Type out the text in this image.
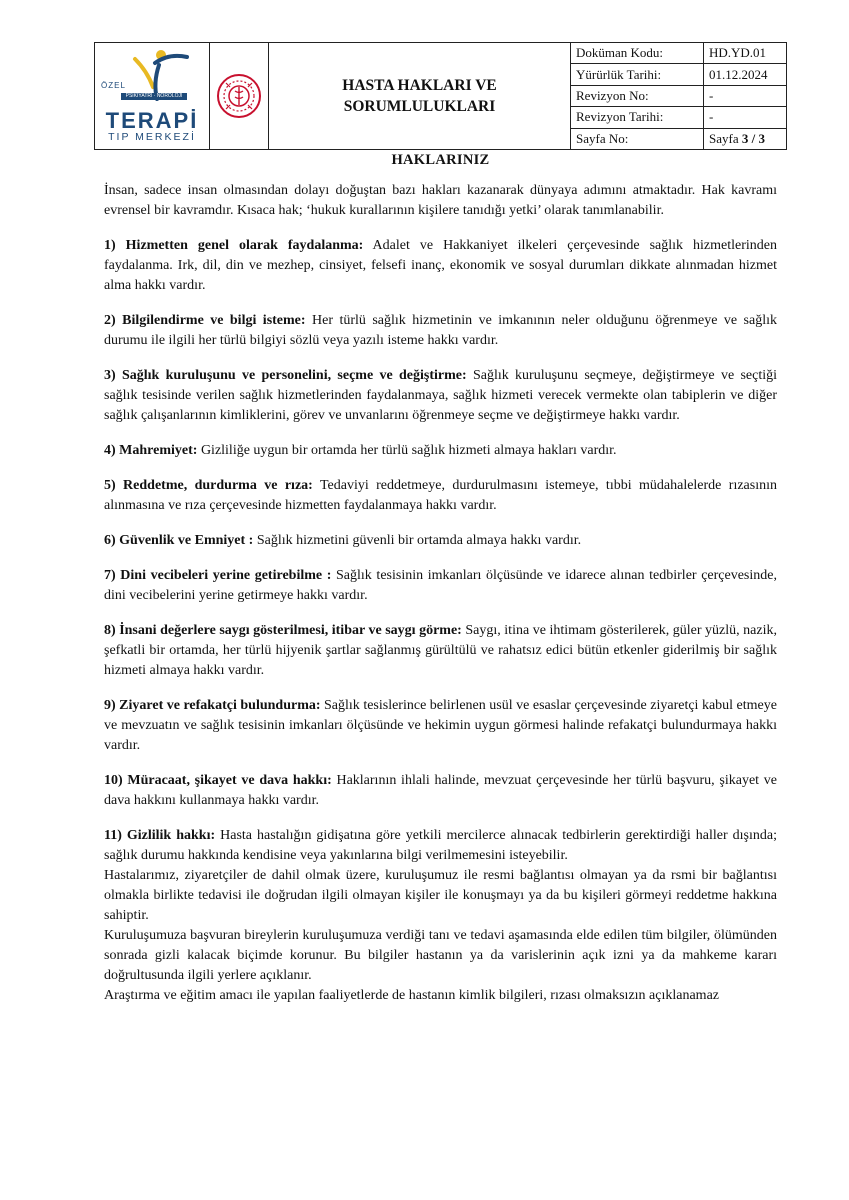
ÖZEL
PSİKİYATRİ · NÖROLOJİ
TERAPİ
TIP MERKEZİ
HASTA HAKLARI VE
SORUMLULUKLARI
Doküman Kodu:	HD.YD.01
Yürürlük Tarihi:	01.12.2024
Revizyon No:	-
Revizyon Tarihi:	-
Sayfa No:	Sayfa 3 / 3
HAKLARINIZ

İnsan, sadece insan olmasından dolayı doğuştan bazı hakları kazanarak dünyaya adımını atmaktadır. Hak kavramı evrensel bir kavramdır. Kısaca hak; ‘hukuk kurallarının kişilere tanıdığı yetki’ olarak tanımlanabilir.

1) Hizmetten genel olarak faydalanma: Adalet ve Hakkaniyet ilkeleri çerçevesinde sağlık hizmetlerinden faydalanma. Irk, dil, din ve mezhep, cinsiyet, felsefi inanç, ekonomik ve sosyal durumları dikkate alınmadan hizmet alma hakkı vardır.

2) Bilgilendirme ve bilgi isteme: Her türlü sağlık hizmetinin ve imkanının neler olduğunu öğrenmeye ve sağlık durumu ile ilgili her türlü bilgiyi sözlü veya yazılı isteme hakkı vardır.

3) Sağlık kuruluşunu ve personelini, seçme ve değiştirme: Sağlık kuruluşunu seçmeye, değiştirmeye ve seçtiği sağlık tesisinde verilen sağlık hizmetlerinden faydalanmaya, sağlık hizmeti verecek vermekte olan tabiplerin ve diğer sağlık çalışanlarının kimliklerini, görev ve unvanlarını öğrenmeye seçme ve değiştirmeye hakkı vardır.

4) Mahremiyet: Gizliliğe uygun bir ortamda her türlü sağlık hizmeti almaya hakları vardır.

5) Reddetme, durdurma ve rıza: Tedaviyi reddetmeye, durdurulmasını istemeye, tıbbi müdahalelerde rızasının alınmasına ve rıza çerçevesinde hizmetten faydalanmaya hakkı vardır.

6) Güvenlik ve Emniyet : Sağlık hizmetini güvenli bir ortamda almaya hakkı vardır.

7) Dini vecibeleri yerine getirebilme : Sağlık tesisinin imkanları ölçüsünde ve idarece alınan tedbirler çerçevesinde, dini vecibelerini yerine getirmeye hakkı vardır.

8) İnsani değerlere saygı gösterilmesi, itibar ve saygı görme: Saygı, itina ve ihtimam gösterilerek, güler yüzlü, nazik, şefkatli bir ortamda, her türlü hijyenik şartlar sağlanmış gürültülü ve rahatsız edici bütün etkenler giderilmiş bir sağlık hizmeti almaya hakkı vardır.

9) Ziyaret ve refakatçi bulundurma: Sağlık tesislerince belirlenen usül ve esaslar çerçevesinde ziyaretçi kabul etmeye ve mevzuatın ve sağlık tesisinin imkanları ölçüsünde ve hekimin uygun görmesi halinde refakatçi bulundurmaya hakkı vardır.

10) Müracaat, şikayet ve dava hakkı: Haklarının ihlali halinde, mevzuat çerçevesinde her türlü başvuru, şikayet ve dava hakkını kullanmaya hakkı vardır.

11) Gizlilik hakkı: Hasta hastalığın gidişatına göre yetkili mercilerce alınacak tedbirlerin gerektirdiği haller dışında; sağlık durumu hakkında kendisine veya yakınlarına bilgi verilmemesini isteyebilir.

Hastalarımız, ziyaretçiler de dahil olmak üzere, kuruluşumuz ile resmi bağlantısı olmayan ya da rsmi bir bağlantısı olmakla birlikte tedavisi ile doğrudan ilgili olmayan kişiler ile konuşmayı ya da bu kişileri görmeyi reddetme hakkına sahiptir.

Kuruluşumuza başvuran bireylerin kuruluşumuza verdiği tanı ve tedavi aşamasında elde edilen tüm bilgiler, ölümünden sonrada gizli kalacak biçimde korunur. Bu bilgiler hastanın ya da varislerinin açık izni ya da mahkeme kararı doğrultusunda ilgili yerlere açıklanır.

Araştırma ve eğitim amacı ile yapılan faaliyetlerde de hastanın kimlik bilgileri, rızası olmaksızın açıklanamaz
